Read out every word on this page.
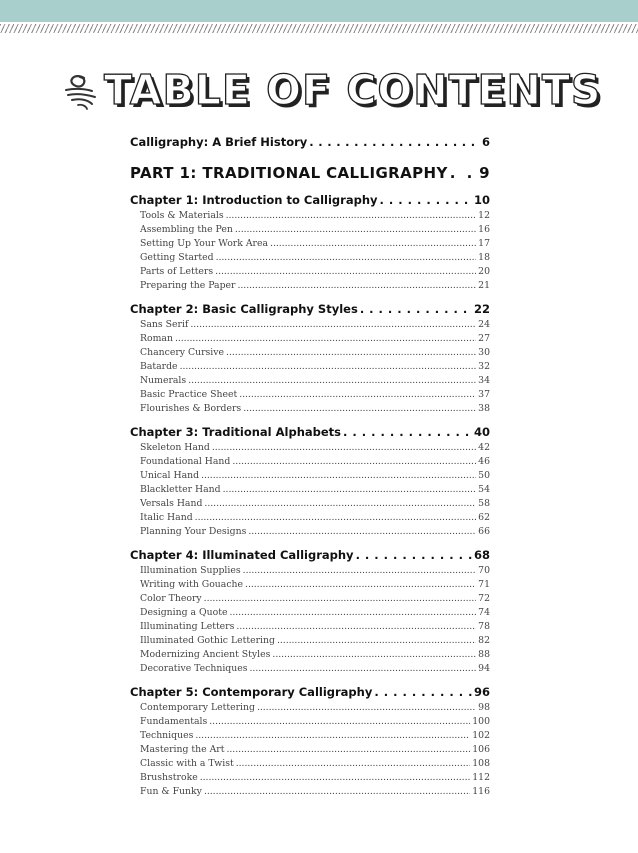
TABLE OF CONTENTS
Calligraphy: A Brief History . . .	6
PART 1: TRADITIONAL CALLIGRAPHY . . . 9
Chapter 1: Introduction to Calligraphy . . .	10
Tools & Materials . . .	12
Assembling the Pen . . .	16
Setting Up Your Work Area . . .	17
Getting Started . . .	18
Parts of Letters . . .	20
Preparing the Paper . . .	21
Chapter 2: Basic Calligraphy Styles . . .	22
Sans Serif . . .	24
Roman . . .	27
Chancery Cursive . . .	30
Batarde . . .	32
Numerals . . .	34
Basic Practice Sheet . . .	37
Flourishes & Borders . . .	38
Chapter 3: Traditional Alphabets . . .	40
Skeleton Hand . . .	42
Foundational Hand . . .	46
Unical Hand . . .	50
Blackletter Hand . . .	54
Versals Hand . . .	58
Italic Hand . . .	62
Planning Your Designs . . .	66
Chapter 4: Illuminated Calligraphy . . .	68
Illumination Supplies . . .	70
Writing with Gouache . . .	71
Color Theory . . .	72
Designing a Quote . . .	74
Illuminating Letters . . .	78
Illuminated Gothic Lettering . . .	82
Modernizing Ancient Styles . . .	88
Decorative Techniques . . .	94
Chapter 5: Contemporary Calligraphy . . .	96
Contemporary Lettering . . .	98
Fundamentals . . .	100
Techniques . . .	102
Mastering the Art . . .	106
Classic with a Twist . . .	108
Brushstroke . . .	112
Fun & Funky . . .	116
